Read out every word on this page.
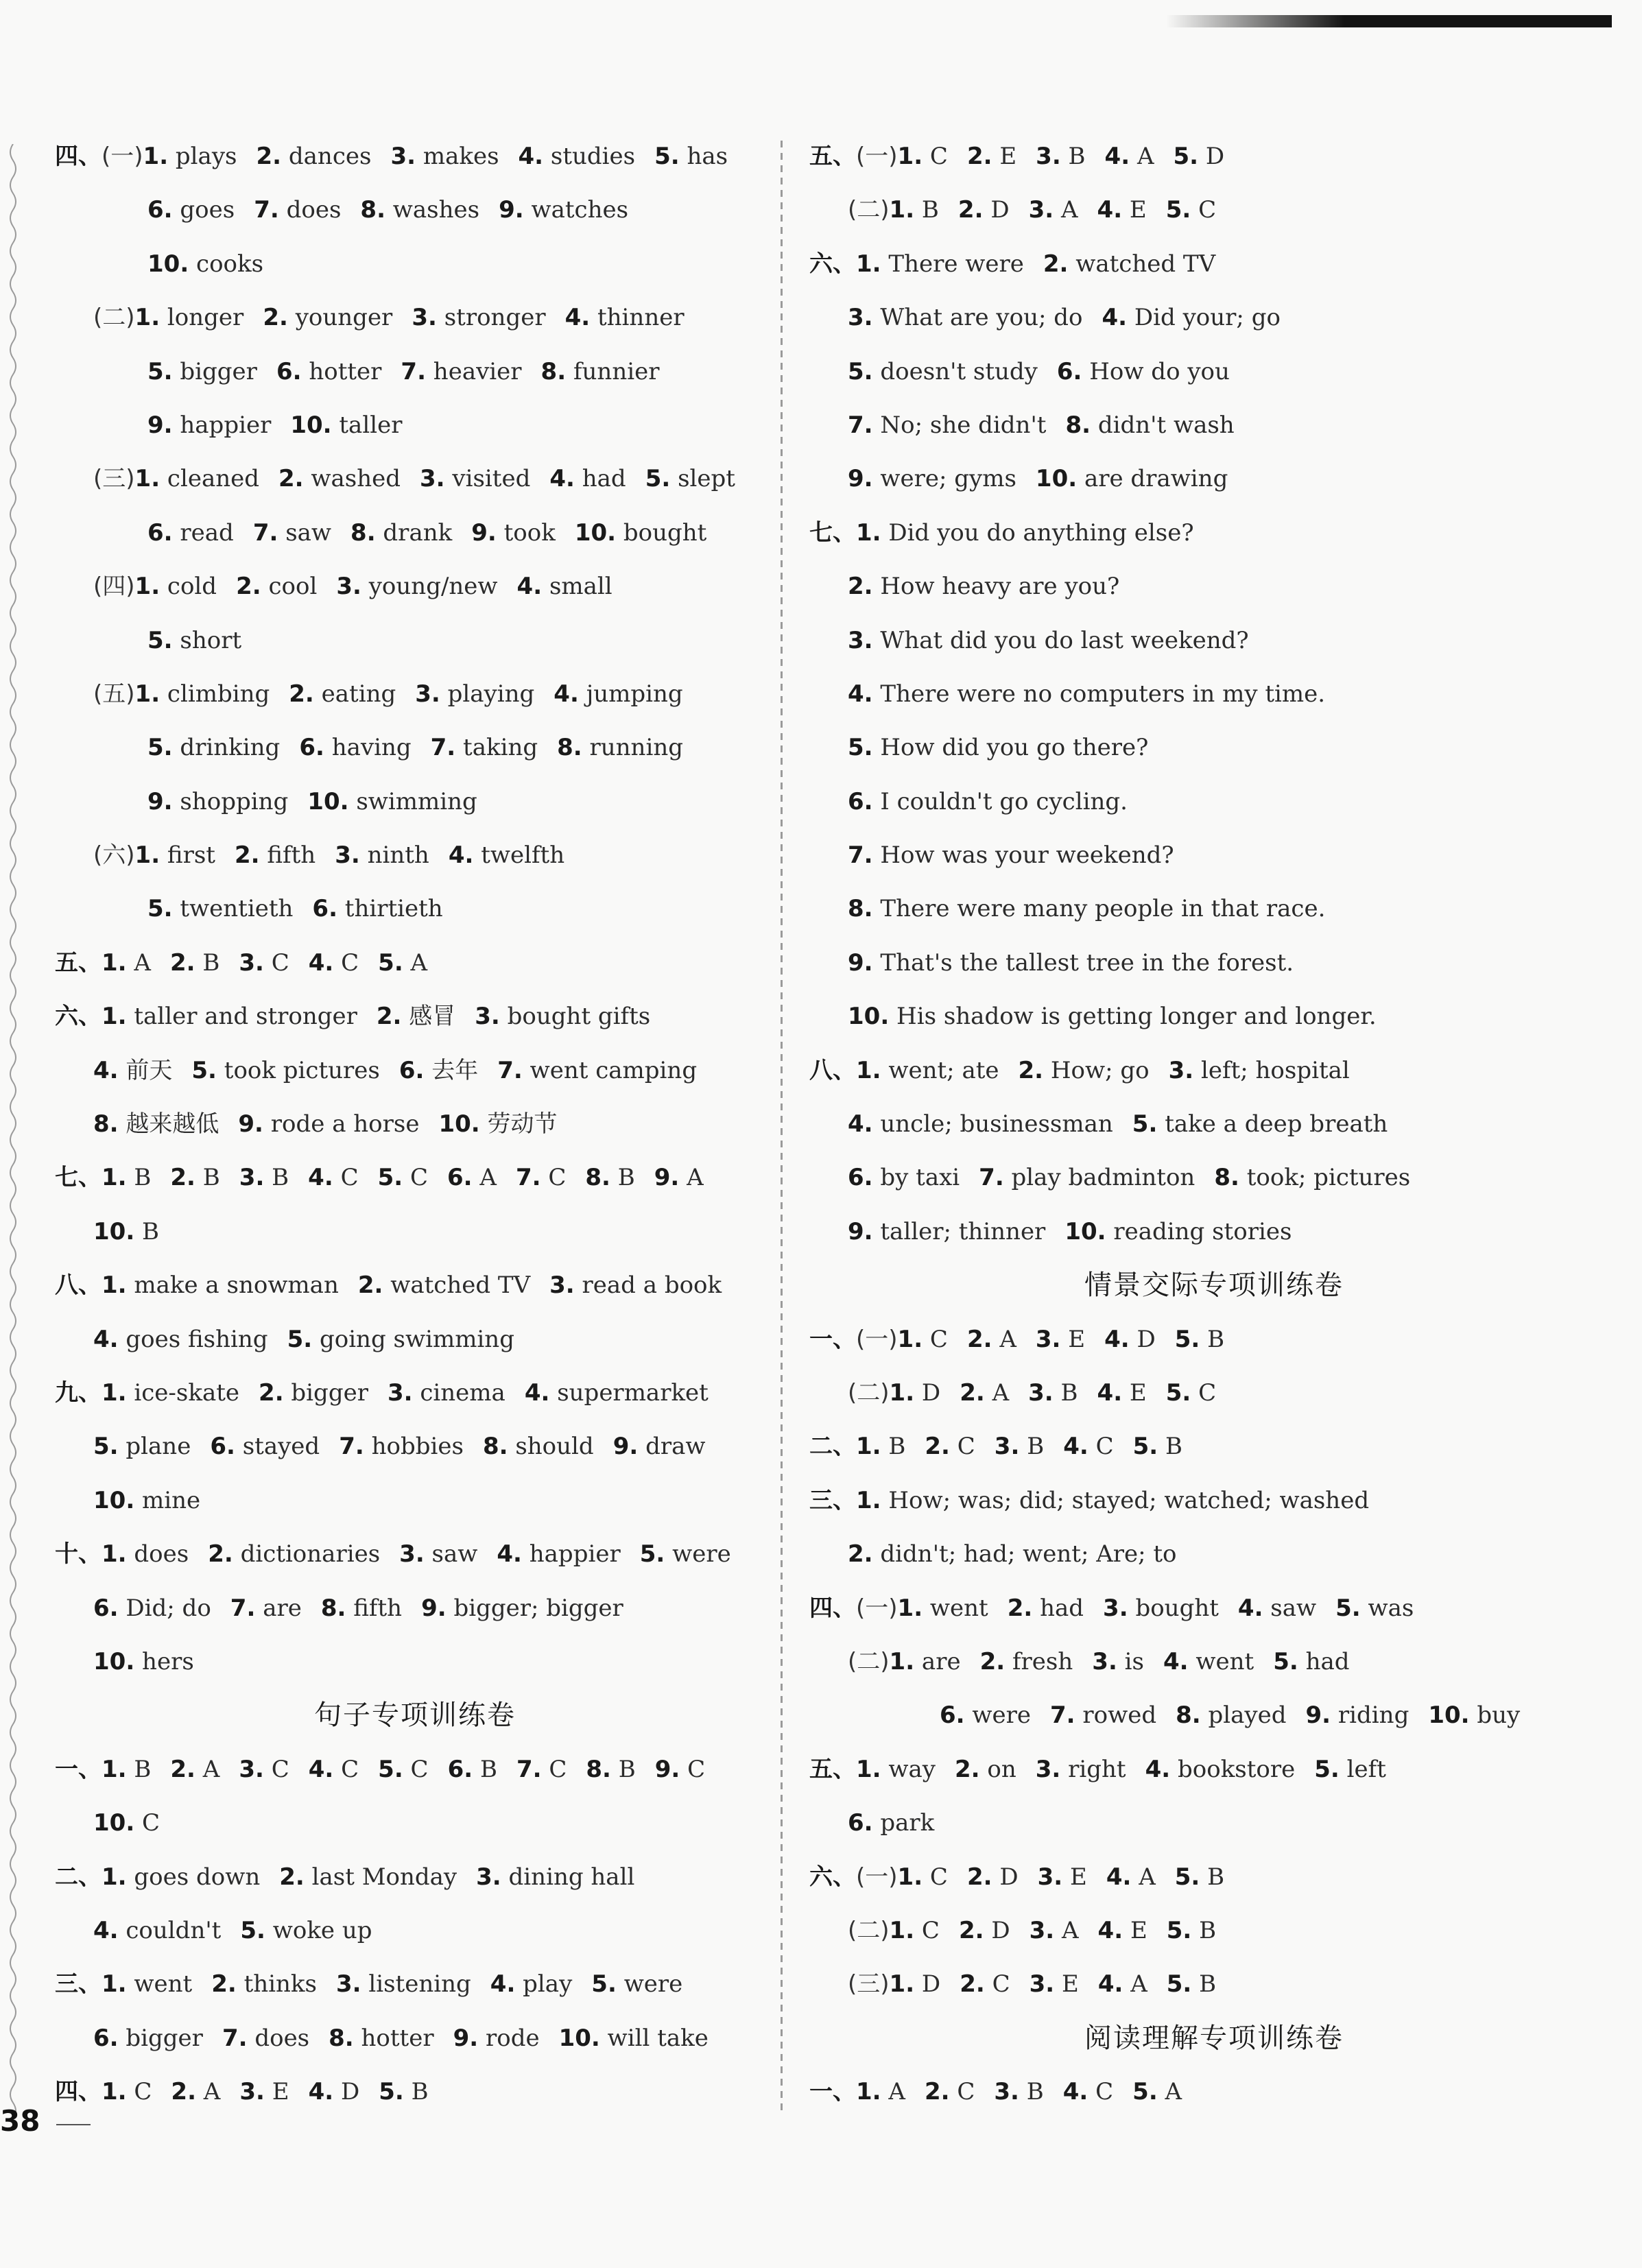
四、(一)1. plays 2. dances 3. makes 4. studies 5. has
6. goes 7. does 8. washes 9. watches
10. cooks
(二)1. longer 2. younger 3. stronger 4. thinner
5. bigger 6. hotter 7. heavier 8. funnier
9. happier 10. taller
(三)1. cleaned 2. washed 3. visited 4. had 5. slept
6. read 7. saw 8. drank 9. took 10. bought
(四)1. cold 2. cool 3. young/new 4. small
5. short
(五)1. climbing 2. eating 3. playing 4. jumping
5. drinking 6. having 7. taking 8. running
9. shopping 10. swimming
(六)1. first 2. fifth 3. ninth 4. twelfth
5. twentieth 6. thirtieth
五、1. A 2. B 3. C 4. C 5. A
六、1. taller and stronger 2. 感冒 3. bought gifts
4. 前天 5. took pictures 6. 去年 7. went camping
8. 越来越低 9. rode a horse 10. 劳动节
七、1. B 2. B 3. B 4. C 5. C 6. A 7. C 8. B 9. A
10. B
八、1. make a snowman 2. watched TV 3. read a book
4. goes fishing 5. going swimming
九、1. ice-skate 2. bigger 3. cinema 4. supermarket
5. plane 6. stayed 7. hobbies 8. should 9. draw
10. mine
十、1. does 2. dictionaries 3. saw 4. happier 5. were
6. Did; do 7. are 8. fifth 9. bigger; bigger
10. hers
句子专项训练卷
一、1. B 2. A 3. C 4. C 5. C 6. B 7. C 8. B 9. C
10. C
二、1. goes down 2. last Monday 3. dining hall
4. couldn't 5. woke up
三、1. went 2. thinks 3. listening 4. play 5. were
6. bigger 7. does 8. hotter 9. rode 10. will take
四、1. C 2. A 3. E 4. D 5. B
五、(一)1. C 2. E 3. B 4. A 5. D
(二)1. B 2. D 3. A 4. E 5. C
六、1. There were 2. watched TV
3. What are you; do 4. Did your; go
5. doesn't study 6. How do you
7. No; she didn't 8. didn't wash
9. were; gyms 10. are drawing
七、1. Did you do anything else?
2. How heavy are you?
3. What did you do last weekend?
4. There were no computers in my time.
5. How did you go there?
6. I couldn't go cycling.
7. How was your weekend?
8. There were many people in that race.
9. That's the tallest tree in the forest.
10. His shadow is getting longer and longer.
八、1. went; ate 2. How; go 3. left; hospital
4. uncle; businessman 5. take a deep breath
6. by taxi 7. play badminton 8. took; pictures
9. taller; thinner 10. reading stories
情景交际专项训练卷
一、(一)1. C 2. A 3. E 4. D 5. B
(二)1. D 2. A 3. B 4. E 5. C
二、1. B 2. C 3. B 4. C 5. B
三、1. How; was; did; stayed; watched; washed
2. didn't; had; went; Are; to
四、(一)1. went 2. had 3. bought 4. saw 5. was
(二)1. are 2. fresh 3. is 4. went 5. had
6. were 7. rowed 8. played 9. riding 10. buy
五、1. way 2. on 3. right 4. bookstore 5. left
6. park
六、(一)1. C 2. D 3. E 4. A 5. B
(二)1. C 2. D 3. A 4. E 5. B
(三)1. D 2. C 3. E 4. A 5. B
阅读理解专项训练卷
一、1. A 2. C 3. B 4. C 5. A
38
